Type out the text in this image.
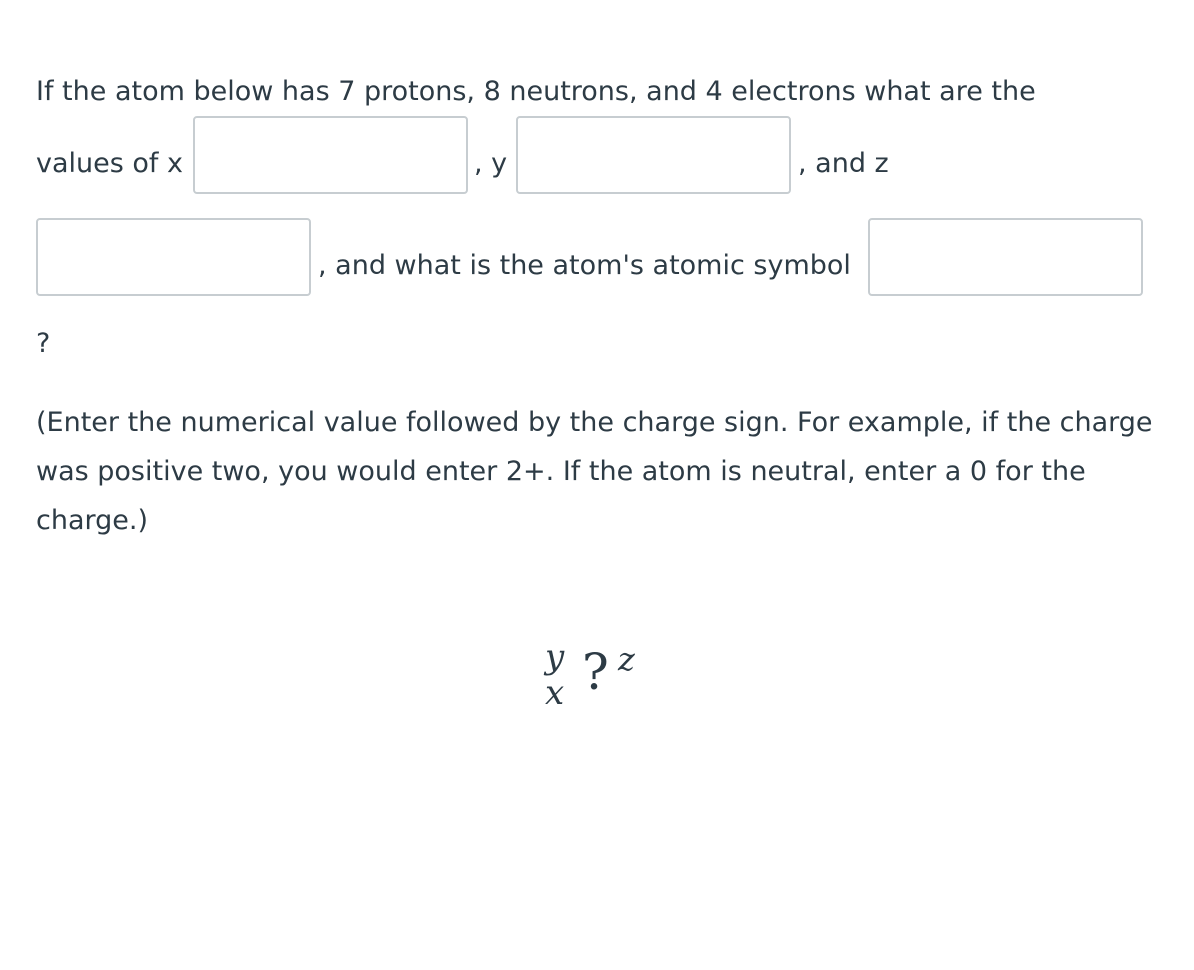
If the atom below has 7 protons, 8 neutrons, and 4 electrons what are the
values of x	, y	, and z
, and what is the atom's atomic symbol
?
(Enter the numerical value followed by the charge sign. For example, if the charge was positive two, you would enter 2+. If the atom is neutral, enter a 0 for the charge.)
y
x ? z
